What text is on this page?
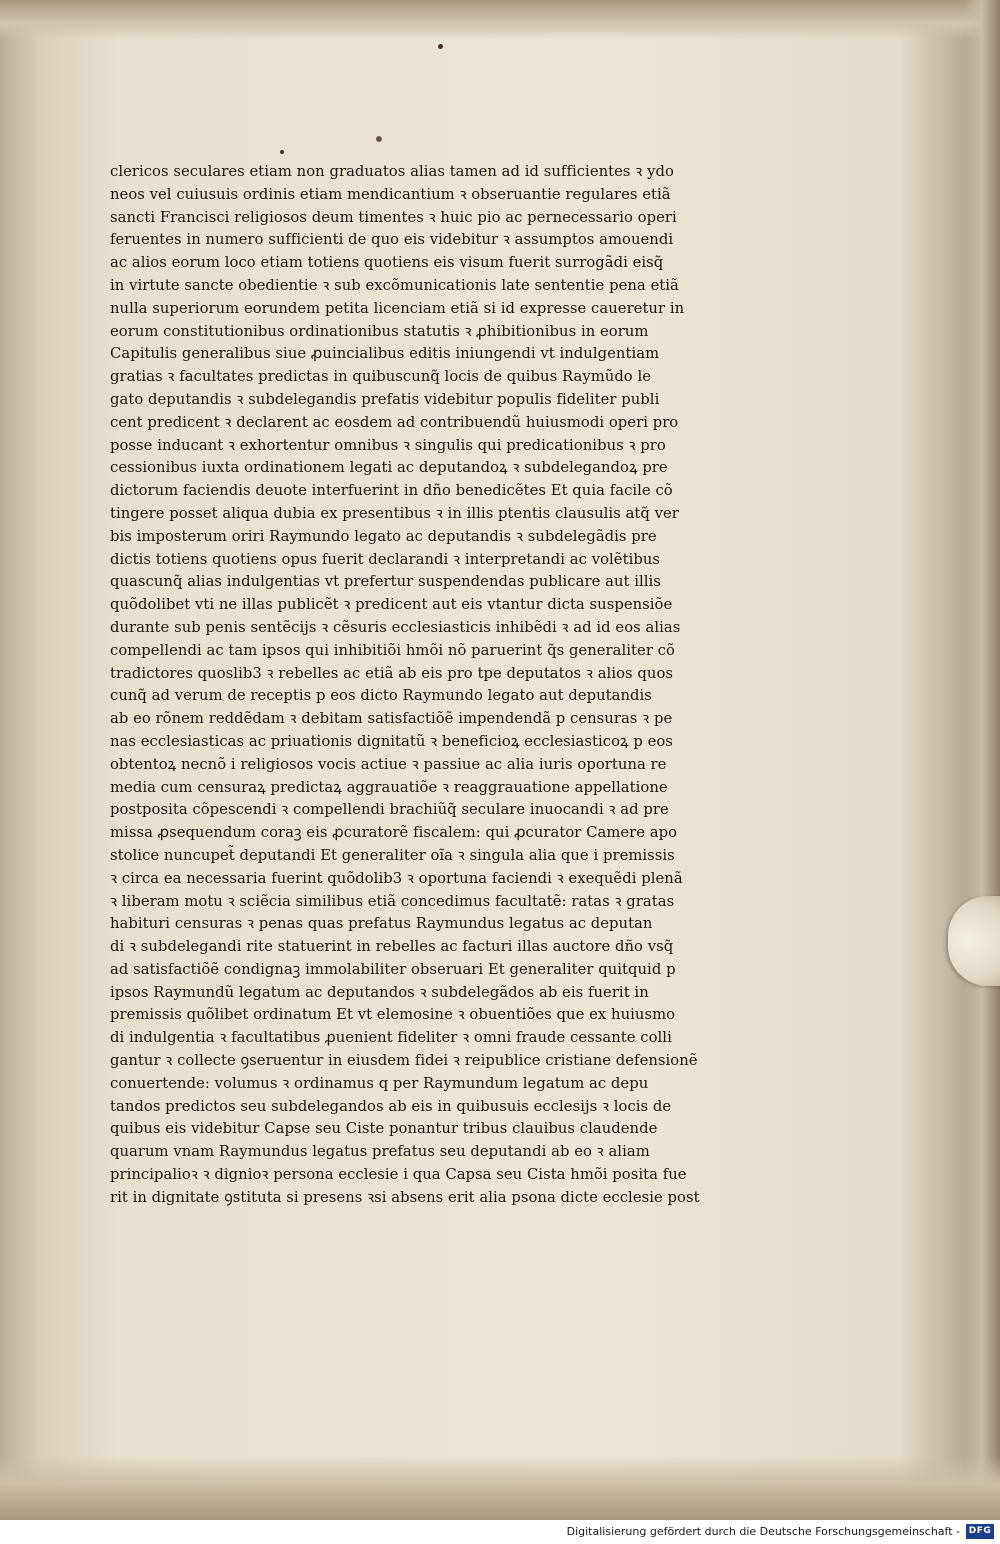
clericos seculares etiam non graduatos alias tamen ad id sufficientes ꝛ ydo
neos vel cuiusuis ordinis etiam mendicantium ꝛ obseruantie regulares etiã
sancti Francisci religiosos deum timentes ꝛ huic pio ac pernecessario operi
feruentes in numero sufficienti de quo eis videbitur ꝛ assumptos amouendi
ac alios eorum loco etiam totiens quotiens eis visum fuerit surrogãdi eisq̃
in virtute sancte obedientie ꝛ sub excõmunicationis late sententie pena etiã
nulla superiorum eorundem petita licenciam etiã si id expresse caueretur in
eorum constitutionibus ordinationibus statutis ꝛ ꝓhibitionibus in eorum
Capitulis generalibus siue ꝓuincialibus editis iniungendi vt indulgentiam
gratias ꝛ facultates predictas in quibuscunq̃ locis de quibus Raymũdo le
gato deputandis ꝛ subdelegandis prefatis videbitur populis fideliter publi
cent predicent ꝛ declarent ac eosdem ad contribuendũ huiusmodi operi pro
posse inducant ꝛ exhortentur omnibus ꝛ singulis qui predicationibus ꝛ pro
cessionibus iuxta ordinationem legati ac deputandoꝝ ꝛ subdelegandoꝝ pre
dictorum faciendis deuote interfuerint in dño benedicẽtes Et quia facile cõ
tingere posset aliqua dubia ex presentibus ꝛ in illis ptentis clausulis atq̃ ver
bis imposterum oriri Raymundo legato ac deputandis ꝛ subdelegãdis pre
dictis totiens quotiens opus fuerit declarandi ꝛ interpretandi ac volẽtibus
quascunq̃ alias indulgentias vt prefertur suspendendas publicare aut illis
quõdolibet vti ne illas publicẽt ꝛ predicent aut eis vtantur dicta suspensiõe
durante sub penis sentẽcijs ꝛ cẽsuris ecclesiasticis inhibẽdi ꝛ ad id eos alias
compellendi ac tam ipsos qui inhibitiõi hmõi nõ paruerint q̃s generaliter cõ
tradictores quoslib3 ꝛ rebelles ac etiã ab eis pro tpe deputatos ꝛ alios quos
cunq̃ ad verum de receptis p eos dicto Raymundo legato aut deputandis
ab eo rõnem reddẽdam ꝛ debitam satisfactiõẽ impendendã p censuras ꝛ pe
nas ecclesiasticas ac priuationis dignitatũ ꝛ beneficioꝝ ecclesiasticoꝝ p eos
obtentoꝝ necnõ i religiosos vocis actiue ꝛ passiue ac alia iuris oportuna re
media cum censuraꝝ predictaꝝ aggrauatiõe ꝛ reaggrauatione appellatione
postposita cõpescendi ꝛ compellendi brachiũq̃ seculare inuocandi ꝛ ad pre
missa ꝓsequendum coraꝫ eis ꝓcuratorẽ fiscalem: qui ꝓcurator Camere apo
stolice nuncupet̃ deputandi Et generaliter oĩa ꝛ singula alia que i premissis
ꝛ circa ea necessaria fuerint quõdolib3 ꝛ oportuna faciendi ꝛ exequẽdi plenã
ꝛ liberam motu ꝛ sciẽcia similibus etiã concedimus facultatẽ: ratas ꝛ gratas
habituri censuras ꝛ penas quas prefatus Raymundus legatus ac deputan
di ꝛ subdelegandi rite statuerint in rebelles ac facturi illas auctore dño vsq̃
ad satisfactiõẽ condignaꝫ immolabiliter obseruari Et generaliter quitquid p
ipsos Raymundũ legatum ac deputandos ꝛ subdelegãdos ab eis fuerit in
premissis quõlibet ordinatum Et vt elemosine ꝛ obuentiões que ex huiusmo
di indulgentia ꝛ facultatibus ꝓuenient fideliter ꝛ omni fraude cessante colli
gantur ꝛ collecte ꝯseruentur in eiusdem fidei ꝛ reipublice cristiane defensionẽ
conuertende: volumus ꝛ ordinamus q per Raymundum legatum ac depu
tandos predictos seu subdelegandos ab eis in quibusuis ecclesijs ꝛ locis de
quibus eis videbitur Capse seu Ciste ponantur tribus clauibus claudende
quarum vnam Raymundus legatus prefatus seu deputandi ab eo ꝛ aliam
principalioꝛ ꝛ dignioꝛ persona ecclesie i qua Capsa seu Cista hmõi posita fue
rit in dignitate ꝯstituta si presens ꝛsi absens erit alia psona dicte ecclesie post
Digitalisierung gefördert durch die Deutsche Forschungsgemeinschaft - DFG
